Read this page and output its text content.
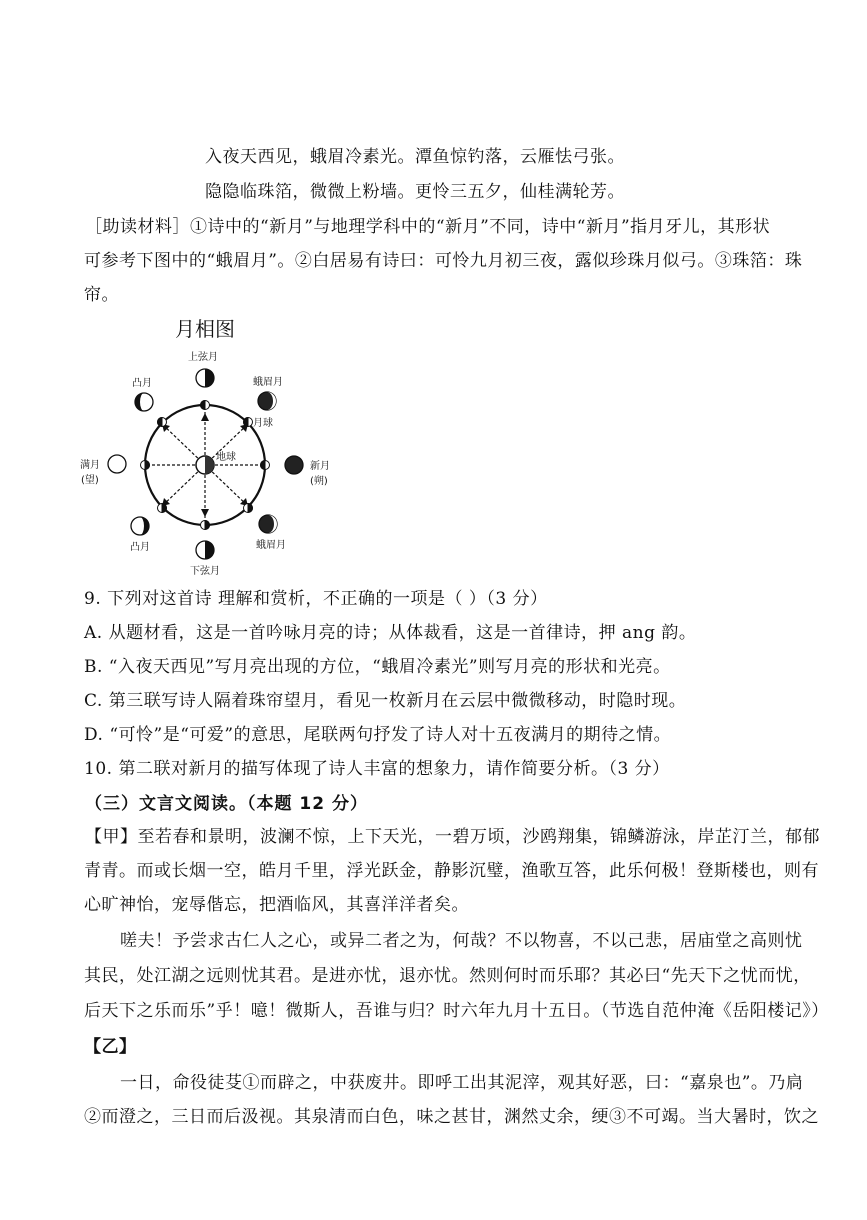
入夜天西见，蛾眉冷素光。潭鱼惊钓落，云雁怯弓张。
隐隐临珠箔，微微上粉墙。更怜三五夕，仙桂满轮芳。
［助读材料］①诗中的“新月”与地理学科中的“新月”不同，诗中“新月”指月牙儿，其形状
可参考下图中的“蛾眉月”。②白居易有诗曰：可怜九月初三夜，露似珍珠月似弓。③珠箔：珠
帘。
月相图
地球
月球
上弦月
蛾眉月
新月
(朔)
蛾眉月
下弦月
凸月
满月
(望)
凸月
9. 下列对这首诗 理解和赏析，不正确的一项是（ ）（3 分）
A. 从题材看，这是一首吟咏月亮的诗；从体裁看，这是一首律诗，押 ang 韵。
B. “入夜天西见”写月亮出现的方位，“蛾眉冷素光”则写月亮的形状和光亮。
C. 第三联写诗人隔着珠帘望月，看见一枚新月在云层中微微移动，时隐时现。
D. “可怜”是“可爱”的意思，尾联两句抒发了诗人对十五夜满月的期待之情。
10. 第二联对新月的描写体现了诗人丰富的想象力，请作简要分析。（3 分）
（三）文言文阅读。（本题 12 分）
【甲】至若春和景明，波澜不惊，上下天光，一碧万顷，沙鸥翔集，锦鳞游泳，岸芷汀兰，郁郁
青青。而或长烟一空，皓月千里，浮光跃金，静影沉璧，渔歌互答，此乐何极！登斯楼也，则有
心旷神怡，宠辱偕忘，把酒临风，其喜洋洋者矣。
嗟夫！予尝求古仁人之心，或异二者之为，何哉？不以物喜，不以己悲，居庙堂之高则忧
其民，处江湖之远则忧其君。是进亦忧，退亦忧。然则何时而乐耶？其必曰“先天下之忧而忧，
后天下之乐而乐”乎！噫！微斯人，吾谁与归？时六年九月十五日。（节选自范仲淹《岳阳楼记》）
【乙】
一日，命役徒芟①而辟之，中获废井。即呼工出其泥滓，观其好恶，曰：“嘉泉也”。乃扃
②而澄之，三日而后汲视。其泉清而白色，味之甚甘，渊然丈余，绠③不可竭。当大暑时，饮之
